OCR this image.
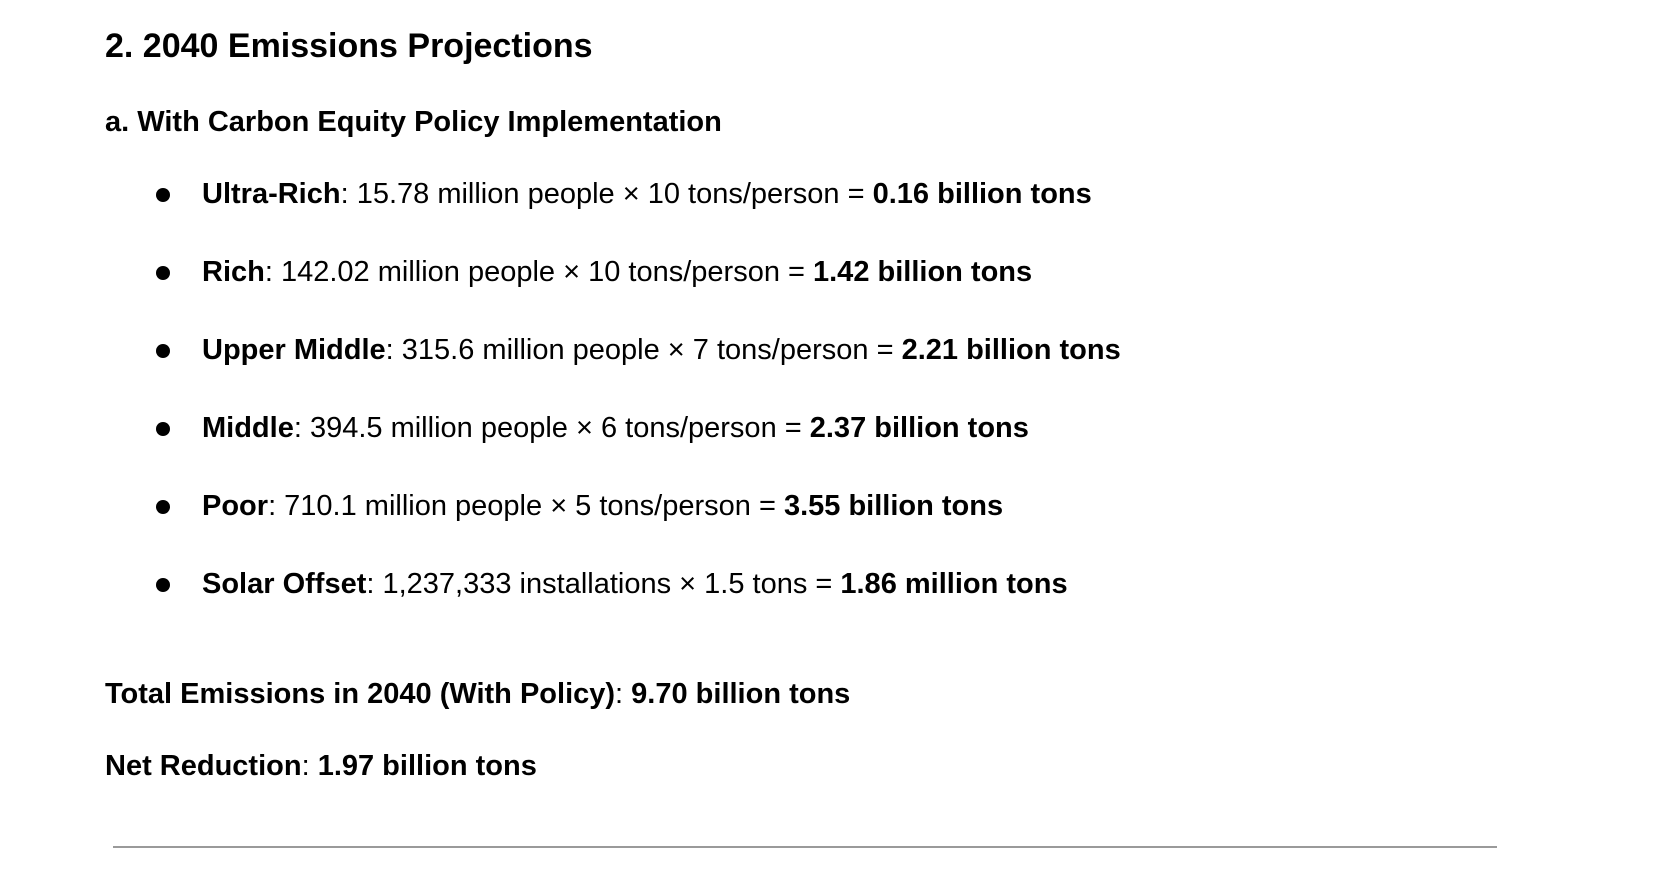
2. 2040 Emissions Projections
a. With Carbon Equity Policy Implementation
Ultra-Rich: 15.78 million people × 10 tons/person = 0.16 billion tons
Rich: 142.02 million people × 10 tons/person = 1.42 billion tons
Upper Middle: 315.6 million people × 7 tons/person = 2.21 billion tons
Middle: 394.5 million people × 6 tons/person = 2.37 billion tons
Poor: 710.1 million people × 5 tons/person = 3.55 billion tons
Solar Offset: 1,237,333 installations × 1.5 tons = 1.86 million tons

Total Emissions in 2040 (With Policy): 9.70 billion tons

Net Reduction: 1.97 billion tons
